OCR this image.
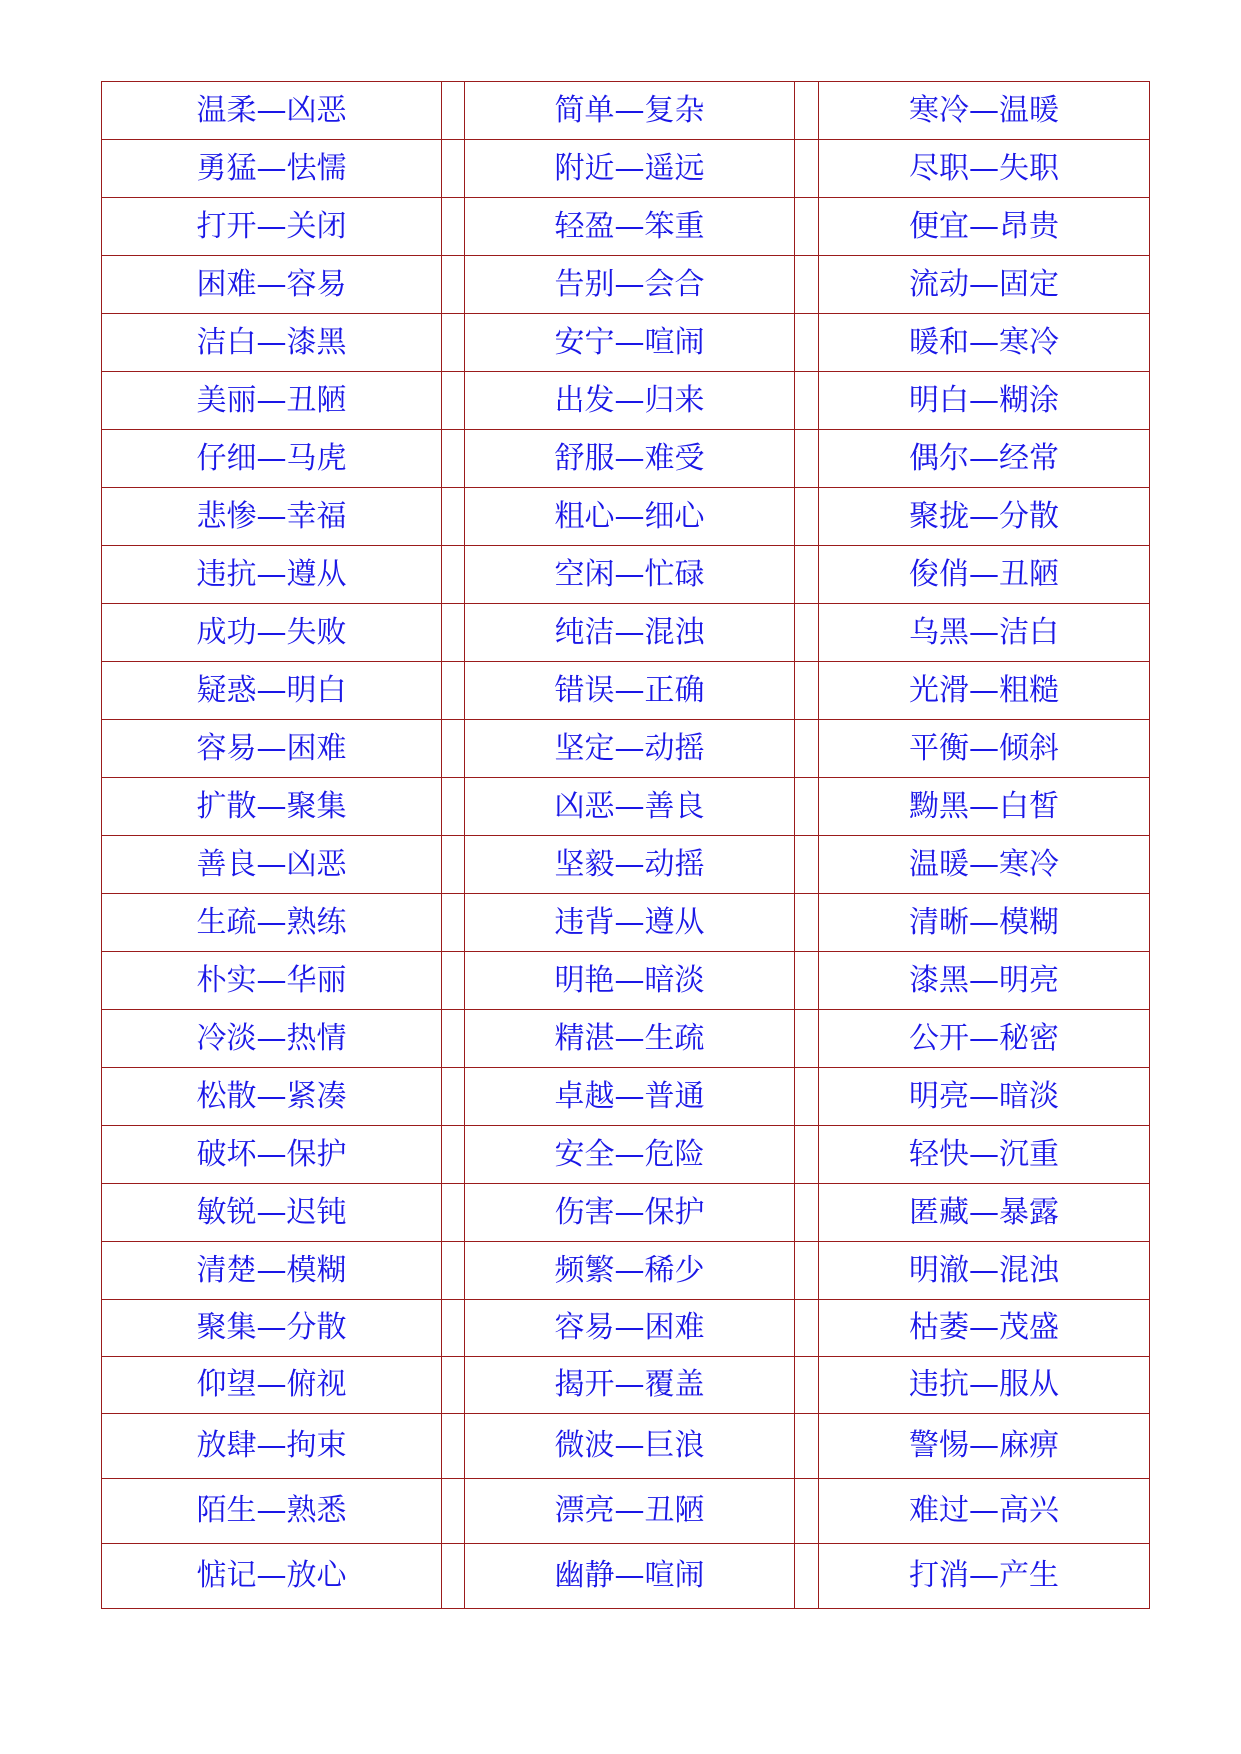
温柔—凶恶		简单—复杂		寒冷—温暖
勇猛—怯懦		附近—遥远		尽职—失职
打开—关闭		轻盈—笨重		便宜—昂贵
困难—容易		告别—会合		流动—固定
洁白—漆黑		安宁—喧闹		暖和—寒冷
美丽—丑陋		出发—归来		明白—糊涂
仔细—马虎		舒服—难受		偶尔—经常
悲惨—幸福		粗心—细心		聚拢—分散
违抗—遵从		空闲—忙碌		俊俏—丑陋
成功—失败		纯洁—混浊		乌黑—洁白
疑惑—明白		错误—正确		光滑—粗糙
容易—困难		坚定—动摇		平衡—倾斜
扩散—聚集		凶恶—善良		黝黑—白皙
善良—凶恶		坚毅—动摇		温暖—寒冷
生疏—熟练		违背—遵从		清晰—模糊
朴实—华丽		明艳—暗淡		漆黑—明亮
冷淡—热情		精湛—生疏		公开—秘密
松散—紧凑		卓越—普通		明亮—暗淡
破坏—保护		安全—危险		轻快—沉重
敏锐—迟钝		伤害—保护		匿藏—暴露
清楚—模糊		频繁—稀少		明澈—混浊
聚集—分散		容易—困难		枯萎—茂盛
仰望—俯视		揭开—覆盖		违抗—服从
放肆—拘束		微波—巨浪		警惕—麻痹
陌生—熟悉		漂亮—丑陋		难过—高兴
惦记—放心		幽静—喧闹		打消—产生
